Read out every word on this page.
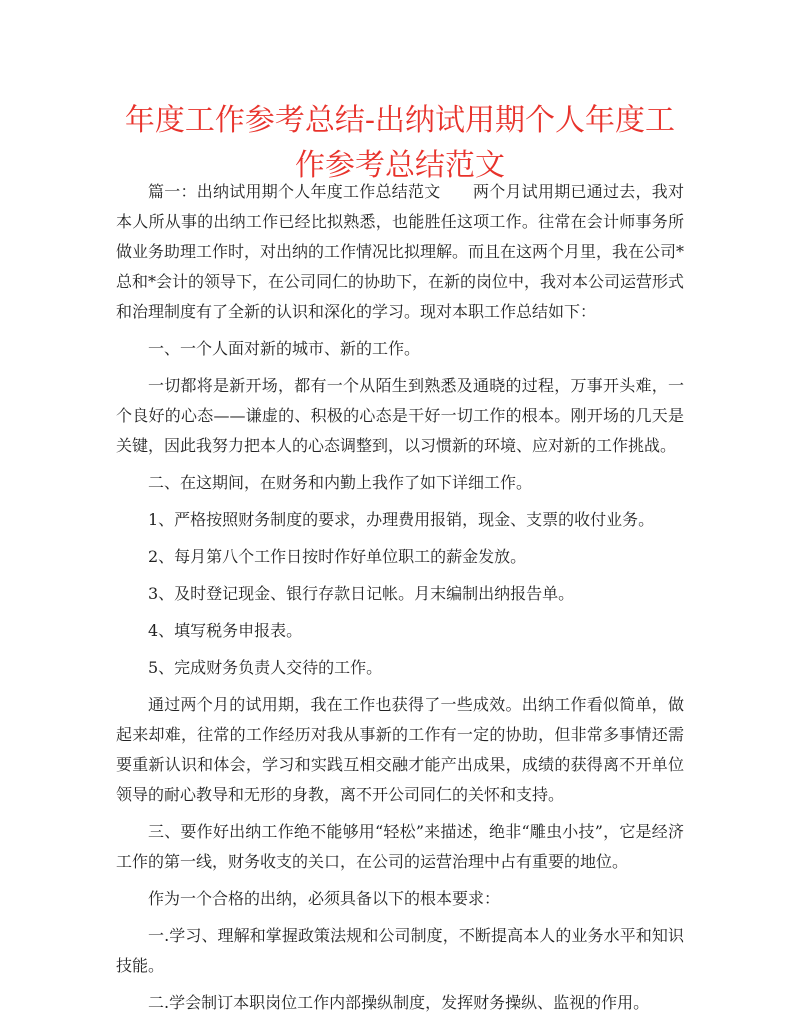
年度工作参考总结-出纳试用期个人年度工作参考总结范文

篇一：出纳试用期个人年度工作总结范文　　两个月试用期已通过去，我对本人所从事的出纳工作已经比拟熟悉，也能胜任这项工作。往常在会计师事务所做业务助理工作时，对出纳的工作情况比拟理解。而且在这两个月里，我在公司*总和*会计的领导下，在公司同仁的协助下，在新的岗位中，我对本公司运营形式和治理制度有了全新的认识和深化的学习。现对本职工作总结如下：

一、一个人面对新的城市、新的工作。

一切都将是新开场，都有一个从陌生到熟悉及通晓的过程，万事开头难，一个良好的心态——谦虚的、积极的心态是干好一切工作的根本。刚开场的几天是关键，因此我努力把本人的心态调整到，以习惯新的环境、应对新的工作挑战。

二、在这期间，在财务和内勤上我作了如下详细工作。

1、严格按照财务制度的要求，办理费用报销，现金、支票的收付业务。

2、每月第八个工作日按时作好单位职工的薪金发放。

3、及时登记现金、银行存款日记帐。月末编制出纳报告单。

4、填写税务申报表。

5、完成财务负责人交待的工作。

通过两个月的试用期，我在工作也获得了一些成效。出纳工作看似简单，做起来却难，往常的工作经历对我从事新的工作有一定的协助，但非常多事情还需要重新认识和体会，学习和实践互相交融才能产出成果，成绩的获得离不开单位领导的耐心教导和无形的身教，离不开公司同仁的关怀和支持。

三、要作好出纳工作绝不能够用“轻松”来描述，绝非“雕虫小技”，它是经济工作的第一线，财务收支的关口，在公司的运营治理中占有重要的地位。

作为一个合格的出纳，必须具备以下的根本要求：

一.学习、理解和掌握政策法规和公司制度，不断提高本人的业务水平和知识技能。

二.学会制订本职岗位工作内部操纵制度，发挥财务操纵、监视的作用。
